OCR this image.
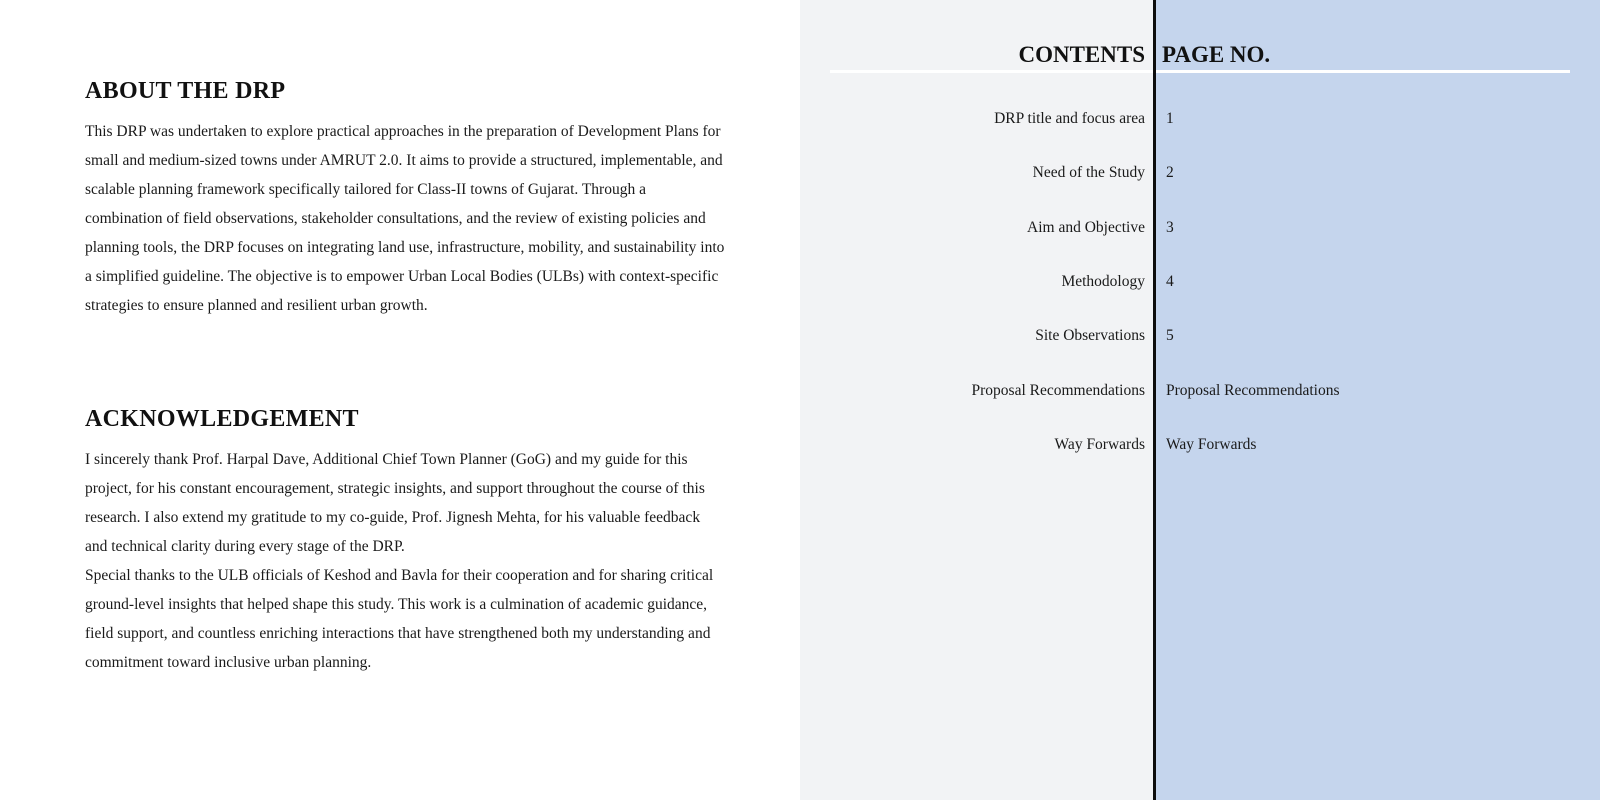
ABOUT THE DRP

This DRP was undertaken to explore practical approaches in the preparation of Development Plans for small and medium-sized towns under AMRUT 2.0. It aims to provide a structured, implementable, and scalable planning framework specifically tailored for Class-II towns of Gujarat. Through a combination of field observations, stakeholder consultations, and the review of existing policies and planning tools, the DRP focuses on integrating land use, infrastructure, mobility, and sustainability into a simplified guideline. The objective is to empower Urban Local Bodies (ULBs) with context-specific strategies to ensure planned and resilient urban growth.

ACKNOWLEDGEMENT

I sincerely thank Prof. Harpal Dave, Additional Chief Town Planner (GoG) and my guide for this project, for his constant encouragement, strategic insights, and support throughout the course of this research. I also extend my gratitude to my co-guide, Prof. Jignesh Mehta, for his valuable feedback and technical clarity during every stage of the DRP.

Special thanks to the ULB officials of Keshod and Bavla for their cooperation and for sharing critical ground-level insights that helped shape this study. This work is a culmination of academic guidance, field support, and countless enriching interactions that have strengthened both my understanding and commitment toward inclusive urban planning.

CONTENTS PAGE NO.
DRP title and focus area 1
Need of the Study 2
Aim and Objective 3
Methodology 4
Site Observations 5
Proposal Recommendations Proposal Recommendations
Way Forwards Way Forwards
